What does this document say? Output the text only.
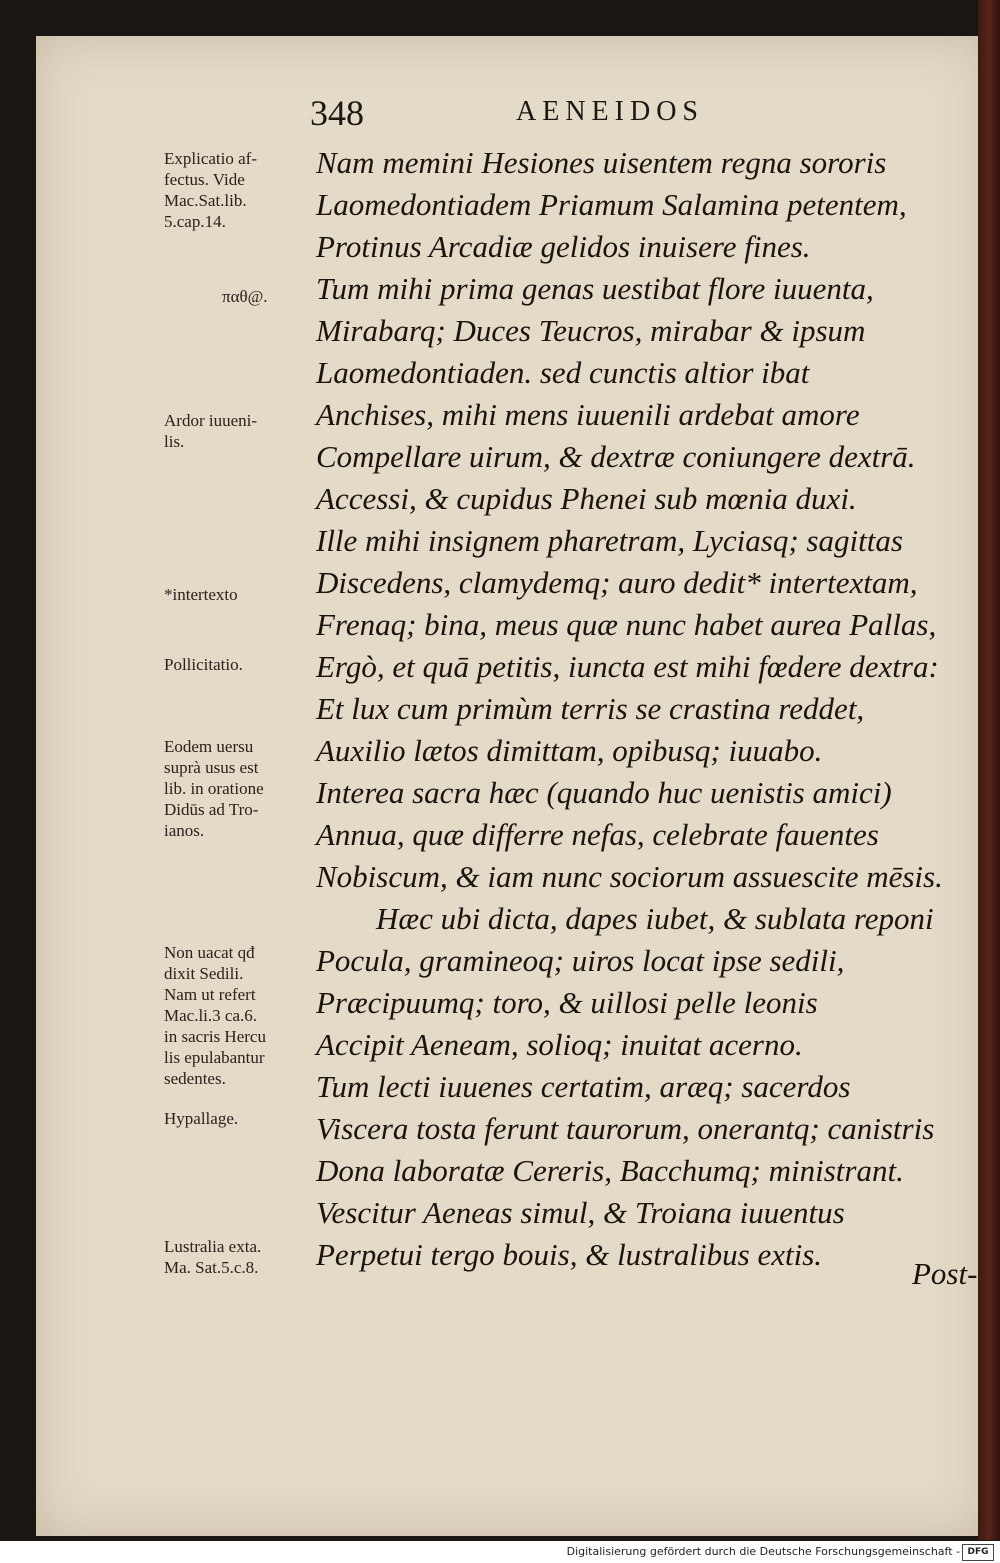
348	AENEIDOS
Explicatio af-
fectus. Vide
Mac.Sat.lib.
5.cap.14.
παθ@.
Ardor iuueni-
lis.
*intertexto
Pollicitatio.
Eodem uersu
suprà usus est
lib. in oratione
Didūs ad Tro-
ianos.
Non uacat qđ
dixit Sedili.
Nam ut refert
Mac.li.3 ca.6.
in sacris Hercu
lis epulabantur
sedentes.
Hypallage.
Lustralia exta.
Ma. Sat.5.c.8.
Nam memini Hesiones uisentem regna sororis
Laomedontiadem Priamum Salamina petentem,
Protinus Arcadiæ gelidos inuisere fines.
Tum mihi prima genas uestibat flore iuuenta,
Mirabarq; Duces Teucros, mirabar & ipsum
Laomedontiaden. sed cunctis altior ibat
Anchises, mihi mens iuuenili ardebat amore
Compellare uirum, & dextræ coniungere dextrā.
Accessi, & cupidus Phenei sub mœnia duxi.
Ille mihi insignem pharetram, Lyciasq; sagittas
Discedens, clamydemq; auro dedit* intertextam,
Frenaq; bina, meus quæ nunc habet aurea Pallas,
Ergò, et quā petitis, iuncta est mihi fœdere dextra:
Et lux cum primùm terris se crastina reddet,
Auxilio lætos dimittam, opibusq; iuuabo.
Interea sacra hæc (quando huc uenistis amici)
Annua, quæ differre nefas, celebrate fauentes
Nobiscum, & iam nunc sociorum assuescite mēsis.
Hæc ubi dicta, dapes iubet, & sublata reponi
Pocula, gramineoq; uiros locat ipse sedili,
Præcipuumq; toro, & uillosi pelle leonis
Accipit Aeneam, solioq; inuitat acerno.
Tum lecti iuuenes certatim, aræq; sacerdos
Viscera tosta ferunt taurorum, onerantq; canistris
Dona laboratæ Cereris, Bacchumq; ministrant.
Vescitur Aeneas simul, & Troiana iuuentus
Perpetui tergo bouis, & lustralibus extis.
Post-
Digitalisierung gefördert durch die Deutsche Forschungsgemeinschaft - DFG
